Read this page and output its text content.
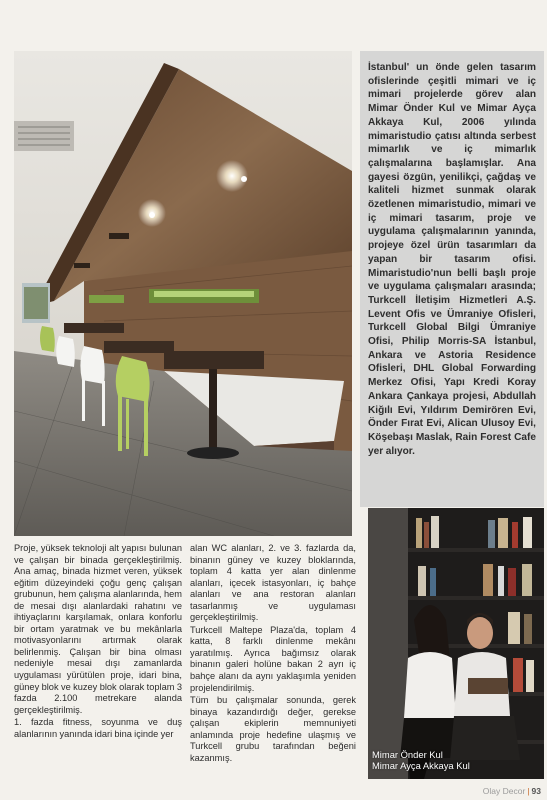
İstanbul' un önde gelen tasarım ofislerinde çeşitli mimari ve iç mimari projelerde görev alan Mimar Önder Kul ve Mimar Ayça Akkaya Kul, 2006 yılında mimaristudio çatısı altında serbest mimarlık ve iç mimarlık çalışmalarına başlamışlar. Ana gayesi özgün, yenilikçi, çağdaş ve kaliteli hizmet sunmak olarak özetlenen mimaristudio, mimari ve iç mimari tasarım, proje ve uygulama çalışmalarının yanında, projeye özel ürün tasarımları da yapan bir tasarım ofisi. Mimaristudio'nun belli başlı proje ve uygulama çalışmaları arasında; Turkcell İletişim Hizmetleri A.Ş. Levent Ofis ve Ümraniye Ofisleri, Turkcell Global Bilgi Ümraniye Ofisi, Philip Morris-SA İstanbul, Ankara ve Astoria Residence Ofisleri, DHL Global Forwarding Merkez Ofisi, Yapı Kredi Koray Ankara Çankaya projesi, Abdullah Kiğılı Evi, Yıldırım Demirören Evi, Önder Fırat Evi, Alican Ulusoy Evi, Köşebaşı Maslak, Rain Forest Cafe yer alıyor.

Mimar Önder Kul
Mimar Ayça Akkaya Kul

Proje, yüksek teknoloji alt yapısı bulunan ve çalışan bir binada gerçekleştirilmiş. Ana amaç, binada hizmet veren, yüksek eğitim düzeyindeki çoğu genç çalışan grubunun, hem çalışma alanlarında, hem de mesai dışı alanlardaki rahatını ve ihtiyaçlarını karşılamak, onlara konforlu bir ortam yaratmak ve bu mekânlarla motivasyonlarını artırmak olarak belirlenmiş. Çalışan bir bina olması nedeniyle mesai dışı zamanlarda uygulaması yürütülen proje, idari bina, güney blok ve kuzey blok olarak toplam 3 fazda 2.100 metrekare alanda gerçekleştirilmiş.

1. fazda fitness, soyunma ve duş alanlarının yanında idari bina içinde yer

alan WC alanları, 2. ve 3. fazlarda da, binanın güney ve kuzey bloklarında, toplam 4 katta yer alan dinlenme alanları, içecek istasyonları, iç bahçe alanları ve ana restoran alanları tasarlanmış ve uygulaması gerçekleştirilmiş.

Turkcell Maltepe Plaza'da, toplam 4 katta, 8 farklı dinlenme mekânı yaratılmış. Ayrıca bağımsız olarak binanın galeri holüne bakan 2 ayrı iç bahçe alanı da aynı yaklaşımla yeniden projelendirilmiş.

Tüm bu çalışmalar sonunda, gerek binaya kazandırdığı değer, gerekse çalışan ekiplerin memnuniyeti anlamında proje hedefine ulaşmış ve Turkcell grubu tarafından beğeni kazanmış.

Olay Decor | 93
